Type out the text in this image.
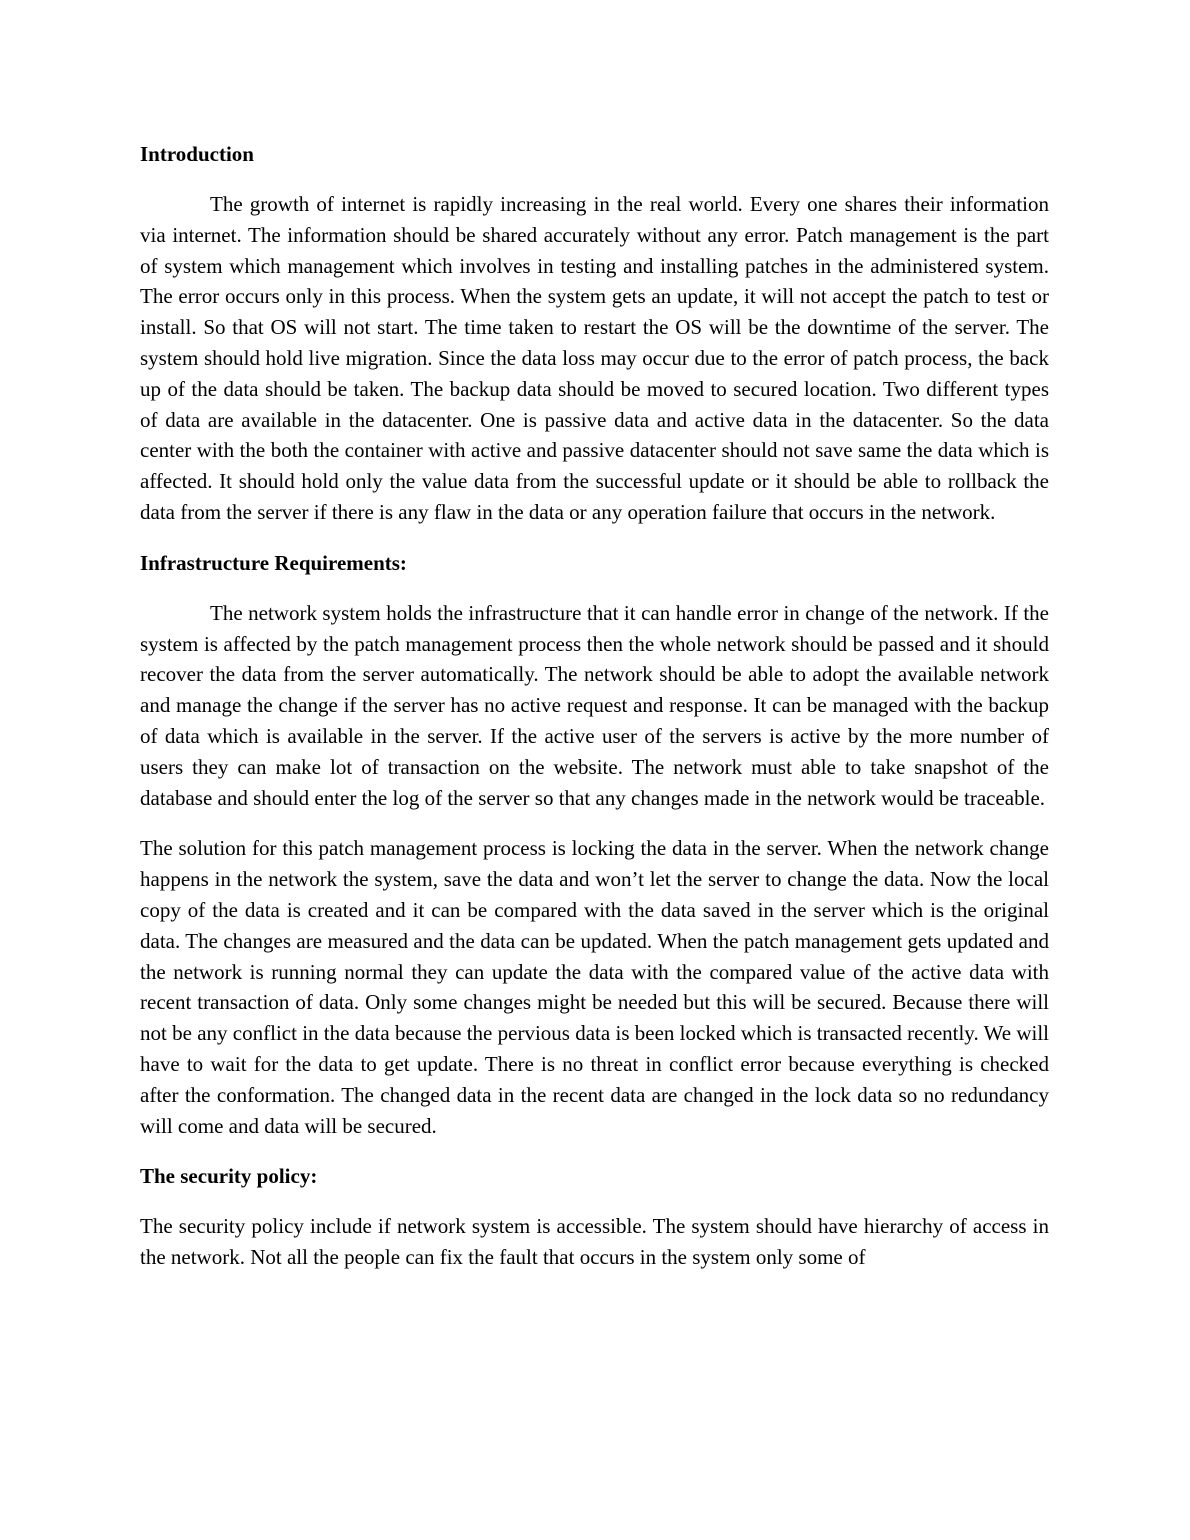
Introduction

The growth of internet is rapidly increasing in the real world. Every one shares their information via internet. The information should be shared accurately without any error. Patch management is the part of system which management which involves in testing and installing patches in the administered system. The error occurs only in this process. When the system gets an update, it will not accept the patch to test or install. So that OS will not start. The time taken to restart the OS will be the downtime of the server. The system should hold live migration. Since the data loss may occur due to the error of patch process, the back up of the data should be taken. The backup data should be moved to secured location. Two different types of data are available in the datacenter. One is passive data and active data in the datacenter. So the data center with the both the container with active and passive datacenter should not save same the data which is affected. It should hold only the value data from the successful update or it should be able to rollback the data from the server if there is any flaw in the data or any operation failure that occurs in the network.

Infrastructure Requirements:

The network system holds the infrastructure that it can handle error in change of the network. If the system is affected by the patch management process then the whole network should be passed and it should recover the data from the server automatically. The network should be able to adopt the available network and manage the change if the server has no active request and response. It can be managed with the backup of data which is available in the server. If the active user of the servers is active by the more number of users they can make lot of transaction on the website. The network must able to take snapshot of the database and should enter the log of the server so that any changes made in the network would be traceable.

The solution for this patch management process is locking the data in the server. When the network change happens in the network the system, save the data and won’t let the server to change the data. Now the local copy of the data is created and it can be compared with the data saved in the server which is the original data. The changes are measured and the data can be updated. When the patch management gets updated and the network is running normal they can update the data with the compared value of the active data with recent transaction of data. Only some changes might be needed but this will be secured. Because there will not be any conflict in the data because the pervious data is been locked which is transacted recently. We will have to wait for the data to get update. There is no threat in conflict error because everything is checked after the conformation. The changed data in the recent data are changed in the lock data so no redundancy will come and data will be secured.

The security policy:

The security policy include if network system is accessible. The system should have hierarchy of access in the network. Not all the people can fix the fault that occurs in the system only some of
